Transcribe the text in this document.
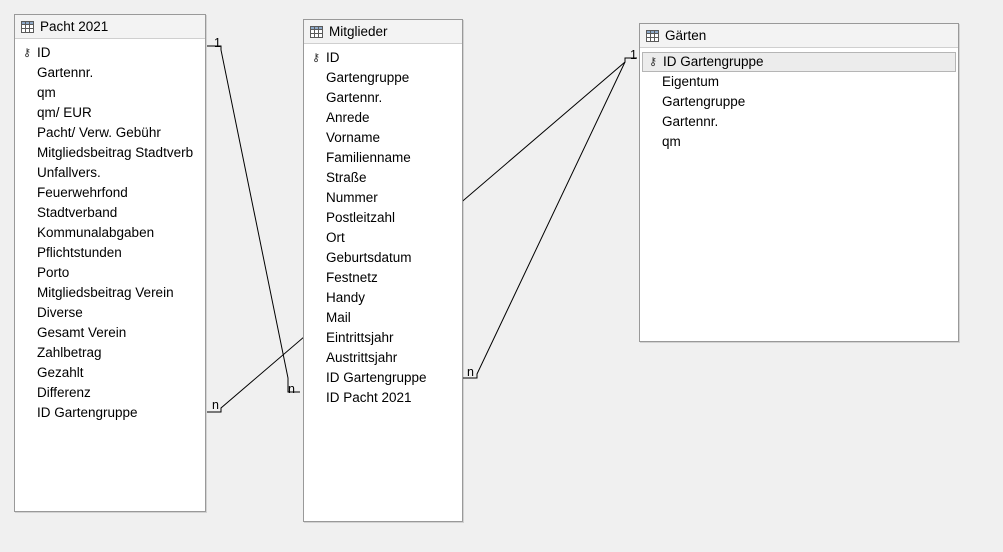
1
n
n
1
n
Pacht 2021
⚷ ID
Gartennr.
qm
qm/ EUR
Pacht/ Verw. Gebühr
Mitgliedsbeitrag Stadtverb
Unfallvers.
Feuerwehrfond
Stadtverband
Kommunalabgaben
Pflichtstunden
Porto
Mitgliedsbeitrag Verein
Diverse
Gesamt Verein
Zahlbetrag
Gezahlt
Differenz
ID Gartengruppe
Mitglieder
⚷ ID
Gartengruppe
Gartennr.
Anrede
Vorname
Familienname
Straße
Nummer
Postleitzahl
Ort
Geburtsdatum
Festnetz
Handy
Mail
Eintrittsjahr
Austrittsjahr
ID Gartengruppe
ID Pacht 2021
Gärten
⚷ ID Gartengruppe
Eigentum
Gartengruppe
Gartennr.
qm
